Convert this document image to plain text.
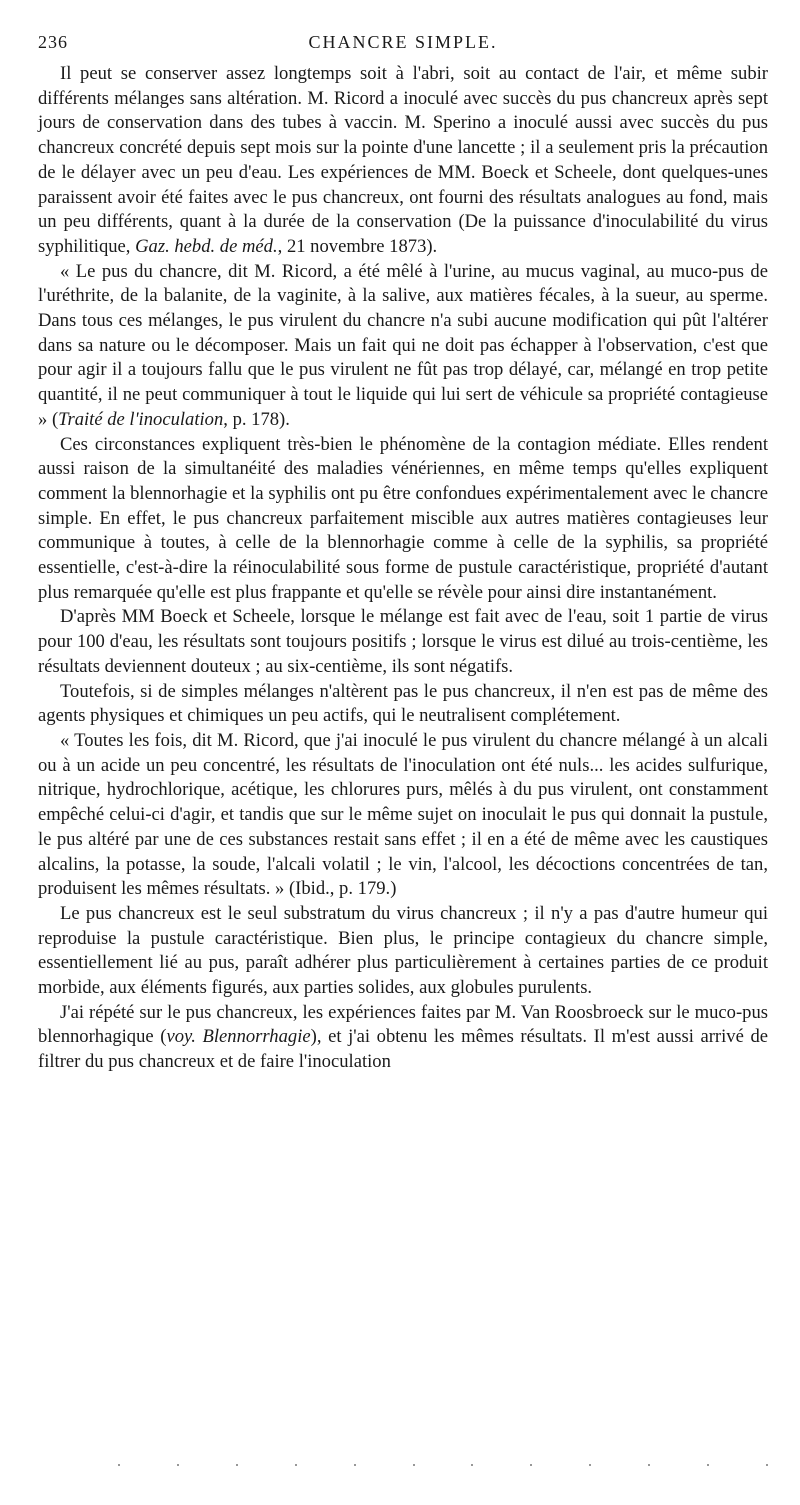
236	CHANCRE SIMPLE.

Il peut se conserver assez longtemps soit à l'abri, soit au contact de l'air, et même subir différents mélanges sans altération. M. Ricord a inoculé avec succès du pus chancreux après sept jours de conservation dans des tubes à vaccin. M. Sperino a inoculé aussi avec succès du pus chancreux concrété depuis sept mois sur la pointe d'une lancette ; il a seulement pris la précaution de le délayer avec un peu d'eau. Les expériences de MM. Boeck et Scheele, dont quelques-unes paraissent avoir été faites avec le pus chancreux, ont fourni des résultats analogues au fond, mais un peu différents, quant à la durée de la conservation (De la puissance d'inoculabilité du virus syphilitique, Gaz. hebd. de méd., 21 novembre 1873).

« Le pus du chancre, dit M. Ricord, a été mêlé à l'urine, au mucus vaginal, au muco-pus de l'uréthrite, de la balanite, de la vaginite, à la salive, aux matières fécales, à la sueur, au sperme. Dans tous ces mélanges, le pus virulent du chancre n'a subi aucune modification qui pût l'altérer dans sa nature ou le décomposer. Mais un fait qui ne doit pas échapper à l'observation, c'est que pour agir il a toujours fallu que le pus virulent ne fût pas trop délayé, car, mélangé en trop petite quantité, il ne peut communiquer à tout le liquide qui lui sert de véhicule sa propriété contagieuse » (Traité de l'inoculation, p. 178).

Ces circonstances expliquent très-bien le phénomène de la contagion médiate. Elles rendent aussi raison de la simultanéité des maladies vénériennes, en même temps qu'elles expliquent comment la blennorhagie et la syphilis ont pu être confondues expérimentalement avec le chancre simple. En effet, le pus chancreux parfaitement miscible aux autres matières contagieuses leur communique à toutes, à celle de la blennorhagie comme à celle de la syphilis, sa propriété essentielle, c'est-à-dire la réinoculabilité sous forme de pustule caractéristique, propriété d'autant plus remarquée qu'elle est plus frappante et qu'elle se révèle pour ainsi dire instantanément.

D'après MM Boeck et Scheele, lorsque le mélange est fait avec de l'eau, soit 1 partie de virus pour 100 d'eau, les résultats sont toujours positifs ; lorsque le virus est dilué au trois-centième, les résultats deviennent douteux ; au six-centième, ils sont négatifs.

Toutefois, si de simples mélanges n'altèrent pas le pus chancreux, il n'en est pas de même des agents physiques et chimiques un peu actifs, qui le neutralisent complétement.

« Toutes les fois, dit M. Ricord, que j'ai inoculé le pus virulent du chancre mélangé à un alcali ou à un acide un peu concentré, les résultats de l'inoculation ont été nuls... les acides sulfurique, nitrique, hydrochlorique, acétique, les chlorures purs, mêlés à du pus virulent, ont constamment empêché celui-ci d'agir, et tandis que sur le même sujet on inoculait le pus qui donnait la pustule, le pus altéré par une de ces substances restait sans effet ; il en a été de même avec les caustiques alcalins, la potasse, la soude, l'alcali volatil ; le vin, l'alcool, les décoctions concentrées de tan, produisent les mêmes résultats. » (Ibid., p. 179.)

Le pus chancreux est le seul substratum du virus chancreux ; il n'y a pas d'autre humeur qui reproduise la pustule caractéristique. Bien plus, le principe contagieux du chancre simple, essentiellement lié au pus, paraît adhérer plus particulièrement à certaines parties de ce produit morbide, aux éléments figurés, aux parties solides, aux globules purulents.

J'ai répété sur le pus chancreux, les expériences faites par M. Van Roosbroeck sur le muco-pus blennorhagique (voy. Blennorrhagie), et j'ai obtenu les mêmes résultats. Il m'est aussi arrivé de filtrer du pus chancreux et de faire l'inoculation
